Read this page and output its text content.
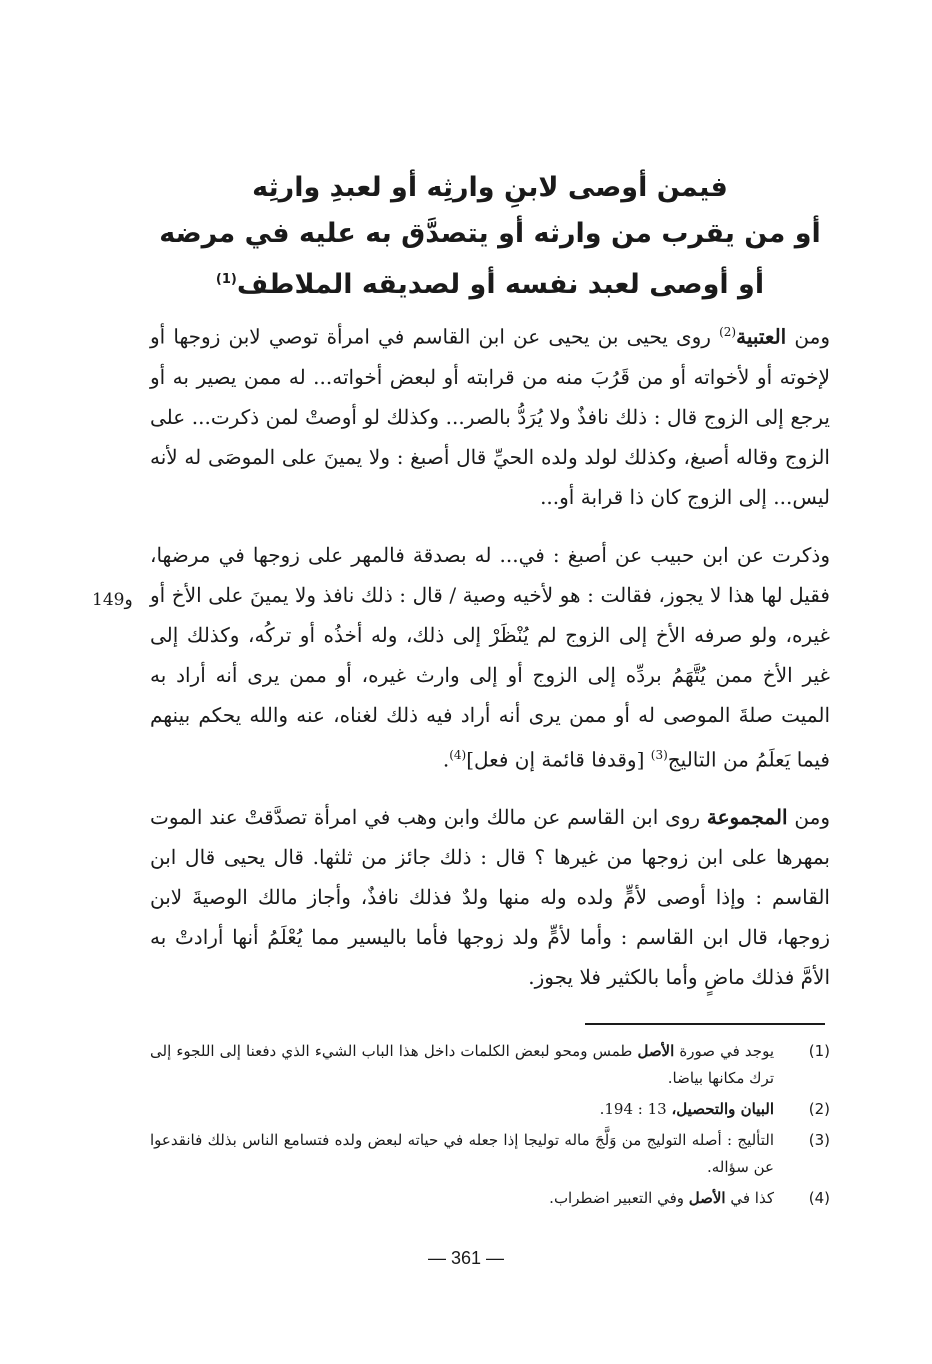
فيمن أوصى لابنِ وارثِه أو لعبدِ وارثِه
أو من يقرب من وارثه أو يتصدَّق به عليه في مرضه
أو أوصى لعبد نفسه أو لصديقه الملاطف$^{(1)}$

ومن العتبية$^{(2)}$ روى يحيى بن يحيى عن ابن القاسم في امرأة توصي لابن زوجها أو لإخوته أو لأخواته أو من قَرُبَ منه من قرابته أو لبعض أخواته... له ممن يصير به أو يرجع إلى الزوج قال : ذلك نافذٌ ولا يُرَدُّ بالصر... وكذلك لو أوصتْ لمن ذكرت... على الزوج وقاله أصبغ، وكذلك لولد ولده الحيِّ قال أصبغ : ولا يمينَ على الموصَى له لأنه ليس... إلى الزوج كان ذا قرابة أو...

وذكرت عن ابن حبيب عن أصبغ : في... له بصدقة فالمهر على زوجها في مرضها، فقيل لها هذا لا يجوز، فقالت : هو لأخيه وصية / قال : ذلك نافذ ولا يمينَ على الأخ أو غيره، ولو صرفه الأخ إلى الزوج لم يُنْظَرْ إلى ذلك، وله أخذُه أو تركُه، وكذلك إلى غير الأخ ممن يُتَّهَمُ بردِّه إلى الزوج أو إلى وارث غيره، أو ممن يرى أنه أراد به الميت صلةَ الموصى له أو ممن يرى أنه أراد فيه ذلك لغناه، عنه والله يحكم بينهم فيما يَعلَمُ من التاليج$^{(3)}$ [وقدفا قائمة إن فعل]$^{(4)}$.

ومن المجموعة روى ابن القاسم عن مالك وابن وهب في امرأة تصدَّقتْ عند الموت بمهرها على ابن زوجها من غيرها ؟ قال : ذلك جائز من ثلثها. قال يحيى قال ابن القاسم : وإذا أوصى لأمٍّ ولده وله منها ولدٌ فذلك نافذٌ، وأجاز مالك الوصيةَ لابن زوجها، قال ابن القاسم : وأما لأمٍّ ولد زوجها فأما باليسير مما يُعْلَمُ أنها أرادتْ به الأمَّ فذلك ماضٍ وأما بالكثير فلا يجوز.

149و
(1)
يوجد في صورة الأصل طمس ومحو لبعض الكلمات داخل هذا الباب الشيء الذي دفعنا إلى اللجوء إلى ترك مكانها بياضا.
(2)
البيان والتحصيل، 13 : 194.
(3)
التأليج : أصله التوليج من وَلَّجَ ماله توليجا إذا جعله في حياته لبعض ولده فتسامع الناس بذلك فانقدعوا عن سؤاله.
(4)
كذا في الأصل وفي التعبير اضطراب.
— 361 —
